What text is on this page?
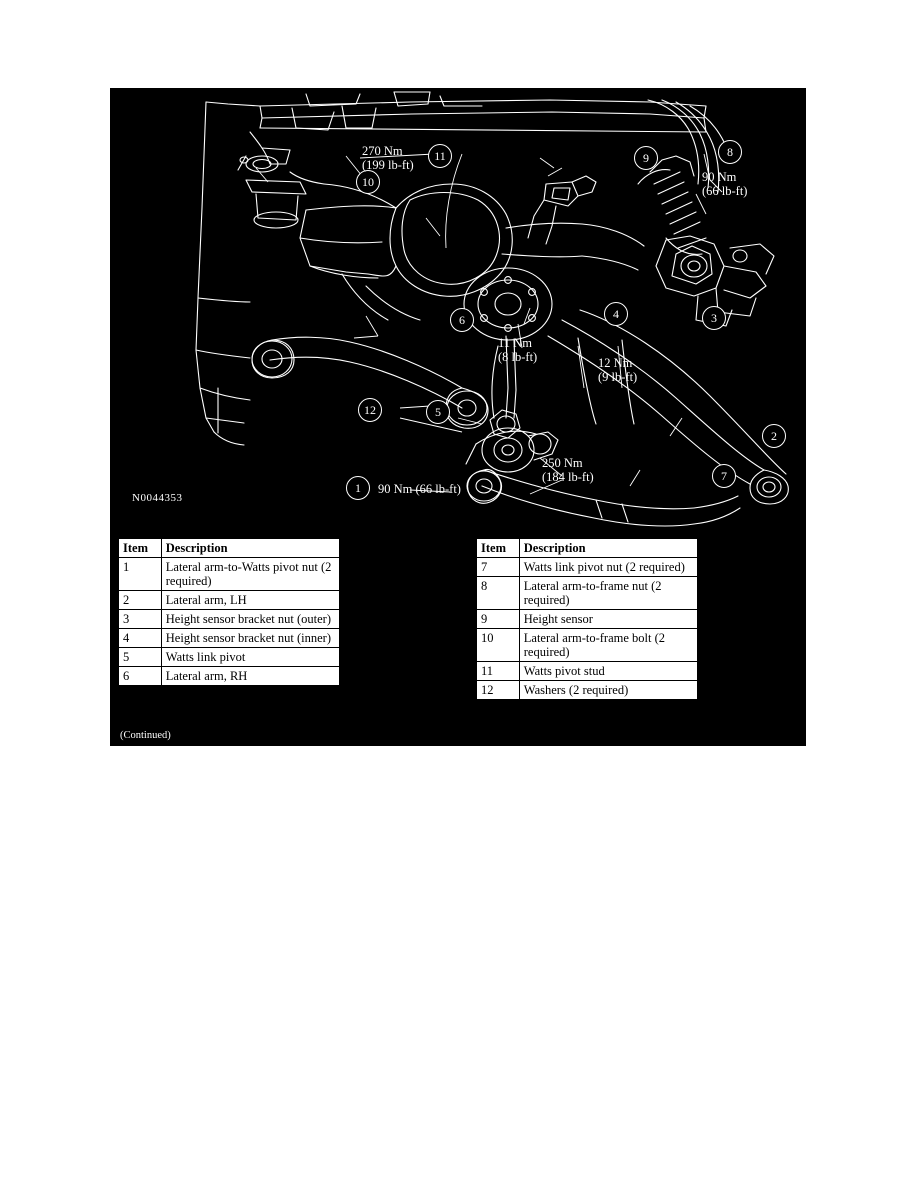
11
10
9	8
6	4	3
12	5
2
7
1
270 Nm
(199 lb-ft)
90 Nm
(66 lb-ft)
11 Nm
(8 lb-ft)	12 Nm
(9 lb-ft)
250 Nm
(184 lb-ft)
90 Nm (66 lb-ft)
N0044353
Item	Description
1	Lateral arm-to-Watts pivot nut (2 required)
2	Lateral arm, LH
3	Height sensor bracket nut (outer)
4	Height sensor bracket nut (inner)
5	Watts link pivot
6	Lateral arm, RH
Item	Description
7	Watts link pivot nut (2 required)
8	Lateral arm-to-frame nut (2 required)
9	Height sensor
10	Lateral arm-to-frame bolt (2 required)
11	Watts pivot stud
12	Washers (2 required)
(Continued)
